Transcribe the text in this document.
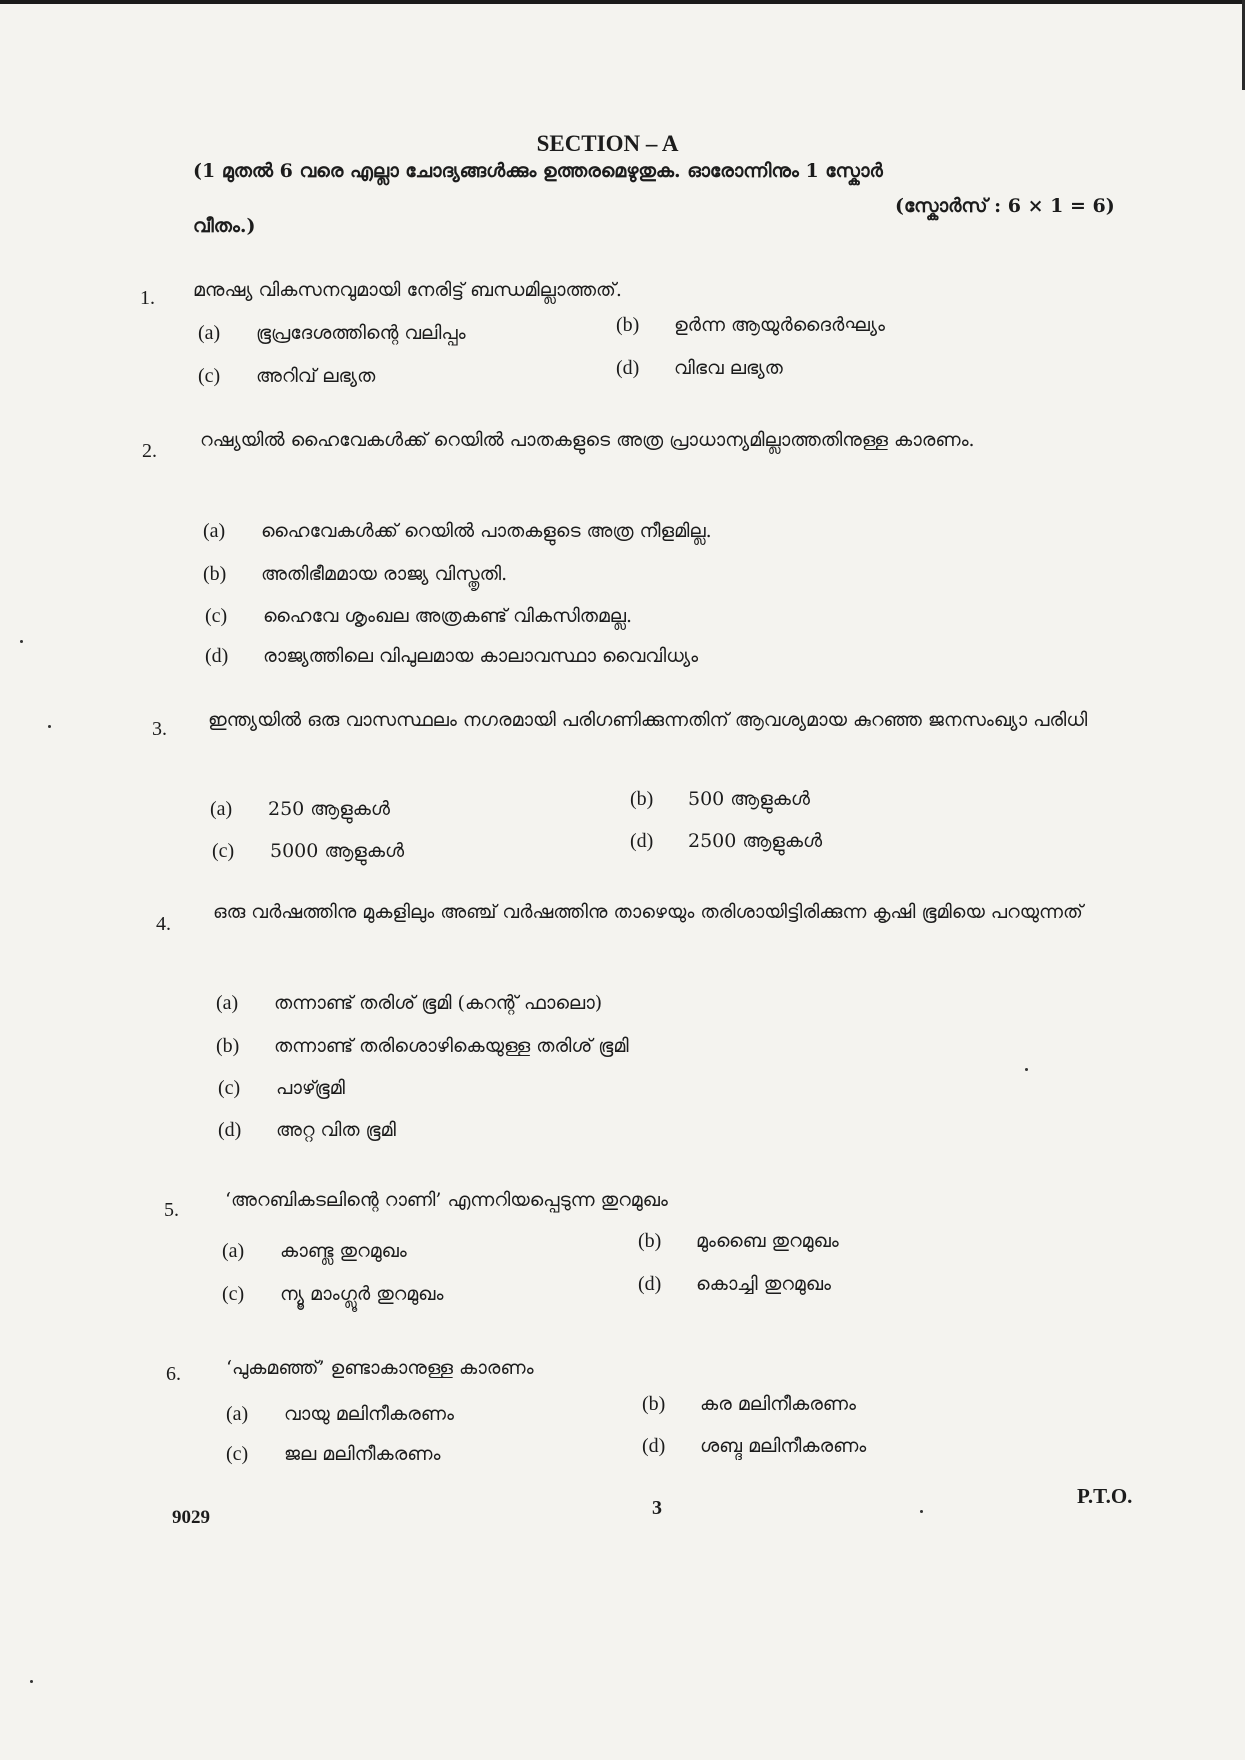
SECTION – A
(1 മുതൽ 6 വരെ എല്ലാ ചോദ്യങ്ങൾക്കും ഉത്തരമെഴുതുക. ഓരോന്നിനും 1 സ്കോർ
(സ്കോർസ് : 6 × 1 = 6)
വീതം.)
1. മനുഷ്യ വികസനവുമായി നേരിട്ട് ബന്ധമില്ലാത്തത്.
(a) ഭൂപ്രദേശത്തിന്റെ വലിപ്പം	(b) ഉർന്ന ആയുർദൈർഘ്യം
(c) അറിവ് ലഭ്യത	(d) വിഭവ ലഭ്യത
2. റഷ്യയിൽ ഹൈവേകൾക്ക് റെയിൽ പാതകളുടെ അത്ര പ്രാധാന്യമില്ലാത്തതിനുള്ള കാരണം.
(a) ഹൈവേകൾക്ക് റെയിൽ പാതകളുടെ അത്ര നീളമില്ല.
(b) അതിഭീമമായ രാജ്യ വിസ്തൃതി.
(c) ഹൈവേ ശൃംഖല അത്രകണ്ട് വികസിതമല്ല.
(d) രാജ്യത്തിലെ വിപുലമായ കാലാവസ്ഥാ വൈവിധ്യം
3. ഇന്ത്യയിൽ ഒരു വാസസ്ഥലം നഗരമായി പരിഗണിക്കുന്നതിന് ആവശ്യമായ കുറഞ്ഞ ജനസംഖ്യാ പരിധി
(a) 250 ആളുകൾ	(b) 500 ആളുകൾ
(c) 5000 ആളുകൾ	(d) 2500 ആളുകൾ
4.
ഒരു വർഷത്തിനു മുകളിലും അഞ്ച് വർഷത്തിനു താഴെയും തരിശായിട്ടിരിക്കുന്ന കൃഷി ഭൂമിയെ പറയുന്നത്
(a) തന്നാണ്ട് തരിശ് ഭൂമി (കറന്റ് ഫാലൊ)
(b) തന്നാണ്ട് തരിശൊഴികെയുള്ള തരിശ് ഭൂമി
(c) പാഴ്ഭൂമി
(d) അറ്റ വിത ഭൂമി
5. ‘അറബികടലിന്റെ റാണി’ എന്നറിയപ്പെടുന്ന തുറമുഖം
(a) കാണ്ട്ല തുറമുഖം	(b) മുംബൈ തുറമുഖം
(c) ന്യൂ മാംഗ്ലൂർ തുറമുഖം	(d) കൊച്ചി തുറമുഖം
6. ‘പുകമഞ്ഞ്’ ഉണ്ടാകാനുള്ള കാരണം
(a) വായു മലിനീകരണം	(b) കര മലിനീകരണം
(c) ജല മലിനീകരണം	(d) ശബ്ദ മലിനീകരണം
9029	3	P.T.O.
